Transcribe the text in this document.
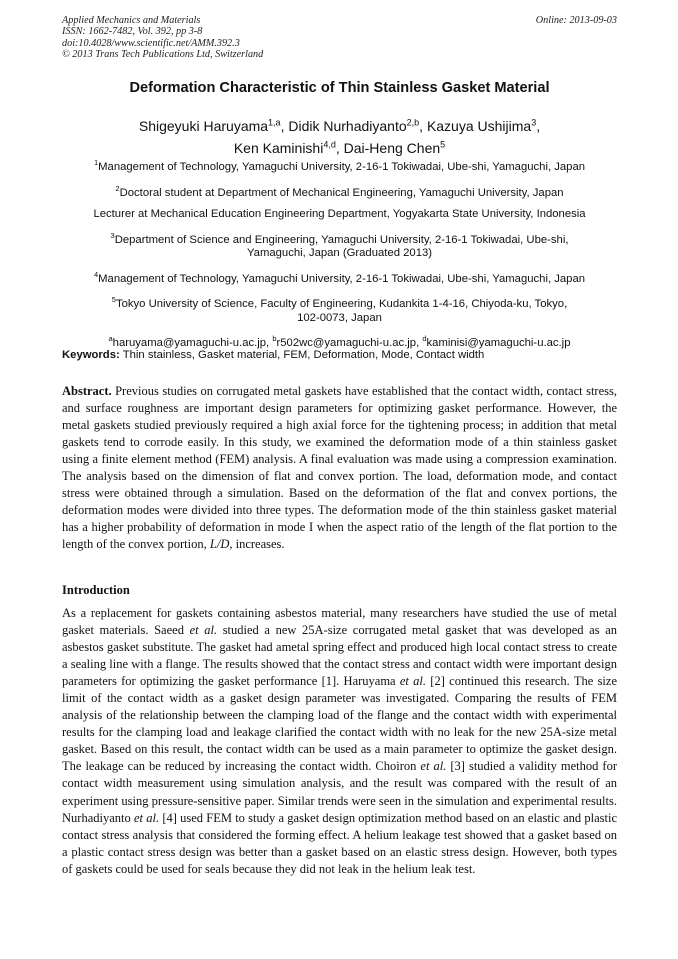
Applied Mechanics and Materials
ISSN: 1662-7482, Vol. 392, pp 3-8
doi:10.4028/www.scientific.net/AMM.392.3
© 2013 Trans Tech Publications Ltd, Switzerland
Online: 2013-09-03
Deformation Characteristic of Thin Stainless Gasket Material
Shigeyuki Haruyama$^{1,a}$, Didik Nurhadiyanto$^{2,b}$, Kazuya Ushijima$^3$,
Ken Kaminishi$^{4,d}$, Dai-Heng Chen$^5$

$^1$Management of Technology, Yamaguchi University, 2-16-1 Tokiwadai, Ube-shi, Yamaguchi, Japan

$^2$Doctoral student at Department of Mechanical Engineering, Yamaguchi University, Japan

Lecturer at Mechanical Education Engineering Department, Yogyakarta State University, Indonesia

$^3$Department of Science and Engineering, Yamaguchi University, 2-16-1 Tokiwadai, Ube-shi,
Yamaguchi, Japan (Graduated 2013)

$^4$Management of Technology, Yamaguchi University, 2-16-1 Tokiwadai, Ube-shi, Yamaguchi, Japan

$^5$Tokyo University of Science, Faculty of Engineering, Kudankita 1-4-16, Chiyoda-ku, Tokyo,
102-0073, Japan

$^a$haruyama@yamaguchi-u.ac.jp, $^b$r502wc@yamaguchi-u.ac.jp, $^d$kaminisi@yamaguchi-u.ac.jp

Keywords: Thin stainless, Gasket material, FEM, Deformation, Mode, Contact width
Abstract. Previous studies on corrugated metal gaskets have established that the contact width, contact stress, and surface roughness are important design parameters for optimizing gasket performance. However, the metal gaskets studied previously required a high axial force for the tightening process; in addition that metal gaskets tend to corrode easily. In this study, we examined the deformation mode of a thin stainless gasket using a finite element method (FEM) analysis. A final evaluation was made using a compression examination. The analysis based on the dimension of flat and convex portion. The load, deformation mode, and contact stress were obtained through a simulation. Based on the deformation of the flat and convex portions, the deformation modes were divided into three types. The deformation mode of the thin stainless gasket material has a higher probability of deformation in mode I when the aspect ratio of the length of the flat portion to the length of the convex portion, L/D, increases.
Introduction
As a replacement for gaskets containing asbestos material, many researchers have studied the use of metal gasket materials. Saeed et al. studied a new 25A-size corrugated metal gasket that was developed as an asbestos gasket substitute. The gasket had ametal spring effect and produced high local contact stress to create a sealing line with a flange. The results showed that the contact stress and contact width were important design parameters for optimizing the gasket performance [1]. Haruyama et al. [2] continued this research. The size limit of the contact width as a gasket design parameter was investigated. Comparing the results of FEM analysis of the relationship between the clamping load of the flange and the contact width with experimental results for the clamping load and leakage clarified the contact width with no leak for the new 25A-size metal gasket. Based on this result, the contact width can be used as a main parameter to optimize the gasket design. The leakage can be reduced by increasing the contact width. Choiron et al. [3] studied a validity method for contact width measurement using simulation analysis, and the result was compared with the result of an experiment using pressure-sensitive paper. Similar trends were seen in the simulation and experimental results. Nurhadiyanto et al. [4] used FEM to study a gasket design optimization method based on an elastic and plastic contact stress analysis that considered the forming effect. A helium leakage test showed that a gasket based on a plastic contact stress design was better than a gasket based on an elastic stress design. However, both types of gaskets could be used for seals because they did not leak in the helium leak test.
